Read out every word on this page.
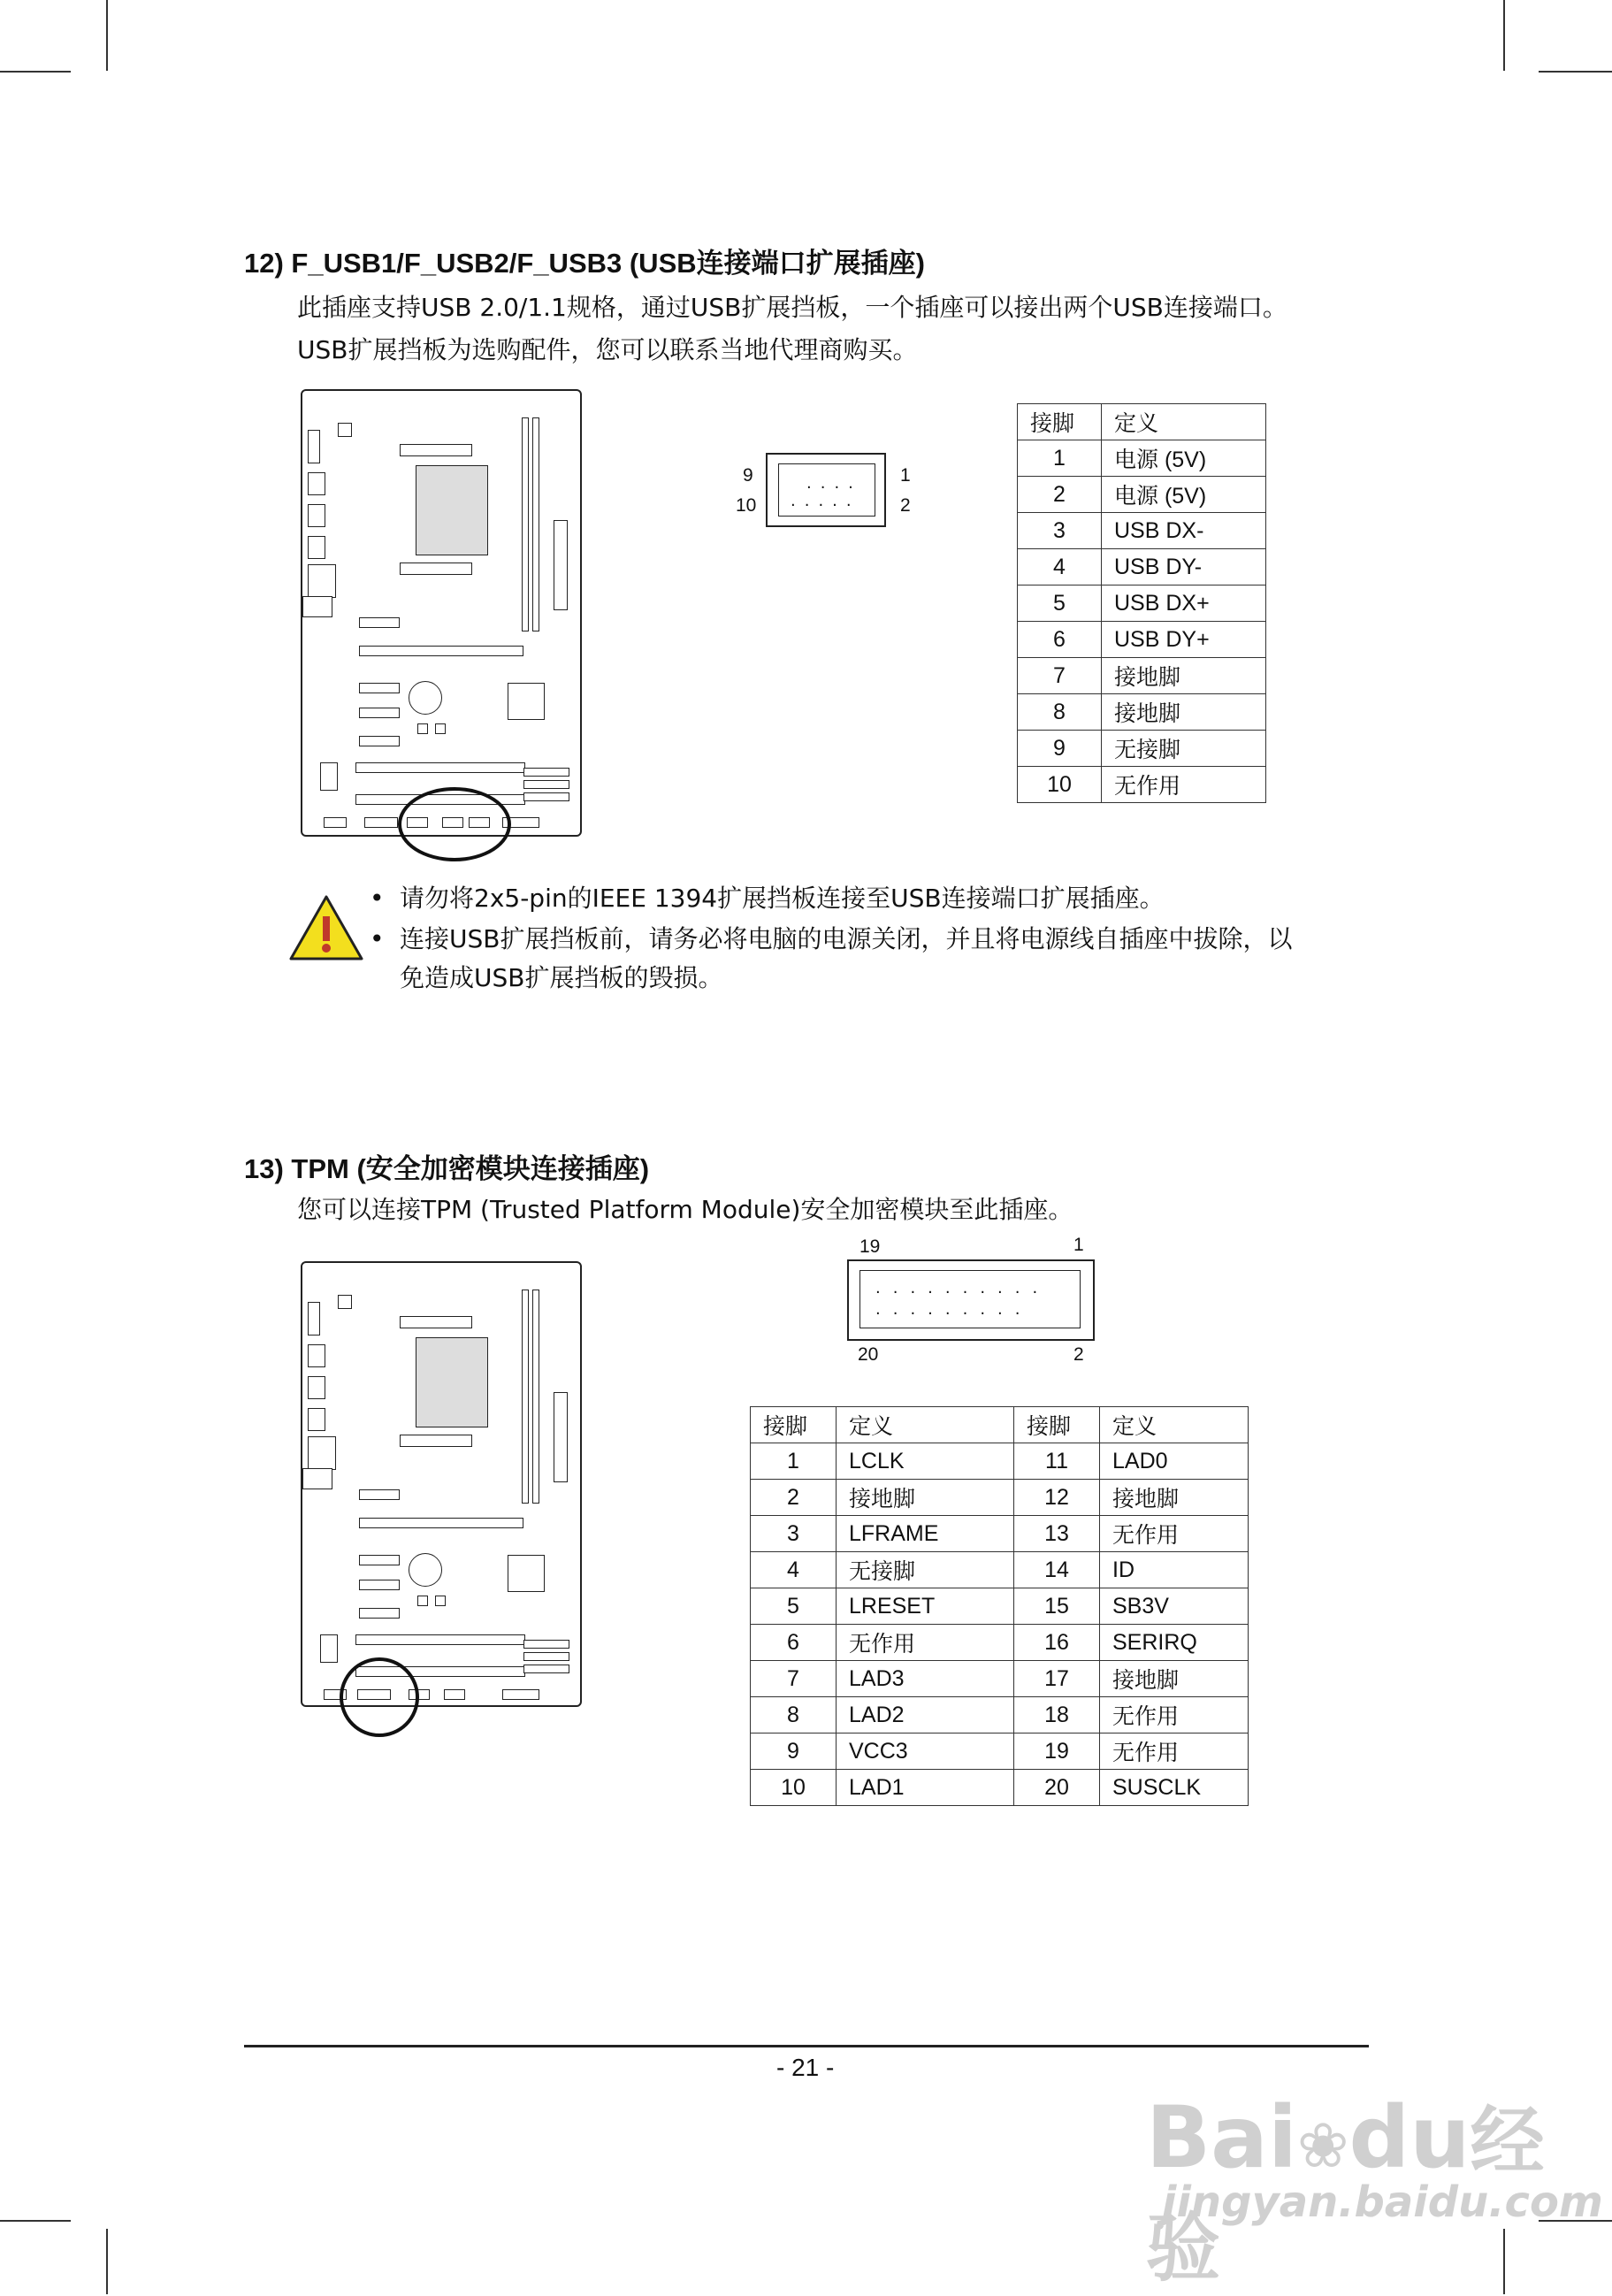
12) F_USB1/F_USB2/F_USB3 (USB连接端口扩展插座)
此插座支持USB 2.0/1.1规格，通过USB扩展挡板，一个插座可以接出两个USB连接端口。
USB扩展挡板为选购配件，您可以联系当地代理商购买。
9
10
1
2
....
.....
接脚	定义
1	电源 (5V)
2	电源 (5V)
3	USB DX-
4	USB DY-
5	USB DX+
6	USB DY+
7	接地脚
8	接地脚
9	无接脚
10	无作用
• 请勿将2x5-pin的IEEE 1394扩展挡板连接至USB连接端口扩展插座。
• 连接USB扩展挡板前，请务必将电脑的电源关闭，并且将电源线自插座中拔除，以
免造成USB扩展挡板的毁损。
13) TPM (安全加密模块连接插座)
您可以连接TPM (Trusted Platform Module)安全加密模块至此插座。
19	1
20	2
..........
.........
接脚	定义	接脚	定义
1	LCLK	11	LAD0
2	接地脚	12	接地脚
3	LFRAME	13	无作用
4	无接脚	14	ID
5	LRESET	15	SB3V
6	无作用	16	SERIRQ
7	LAD3	17	接地脚
8	LAD2	18	无作用
9	VCC3	19	无作用
10	LAD1	20	SUSCLK
- 21 -
Bai❀du经验
jingyan.baidu.com
